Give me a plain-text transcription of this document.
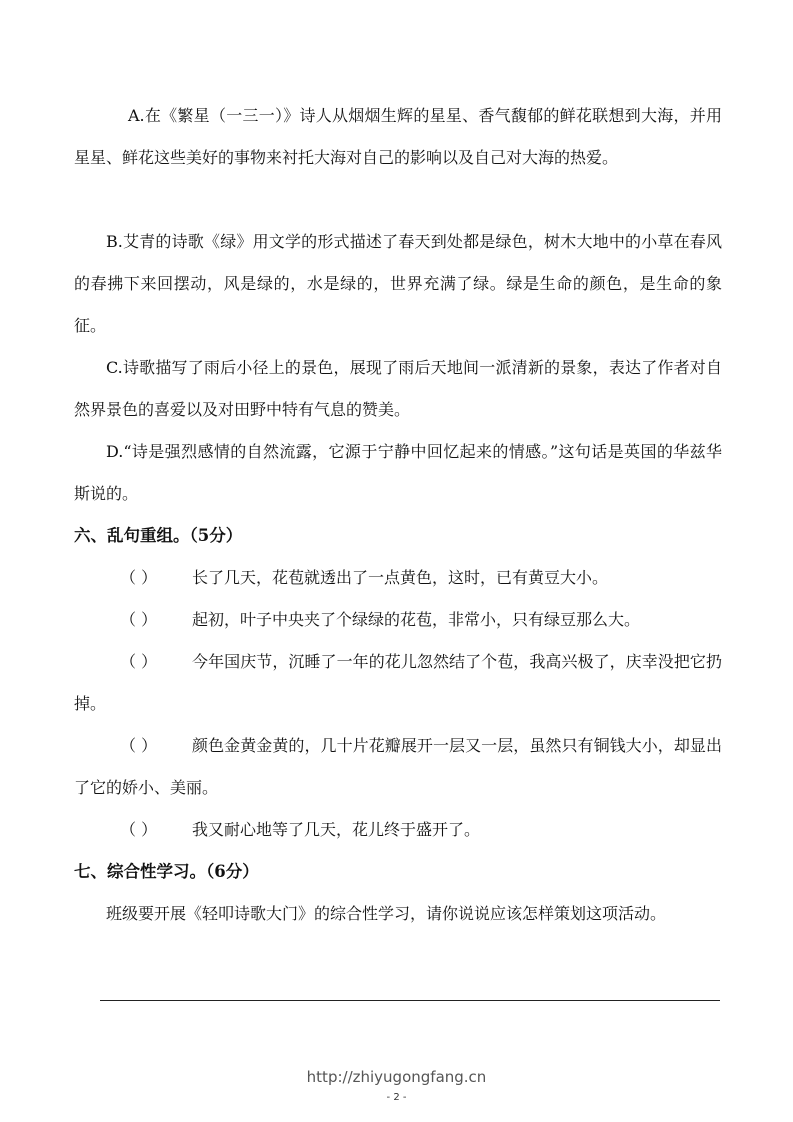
A.在《繁星（一三一）》诗人从烟烟生辉的星星、香气馥郁的鲜花联想到大海，并用星星、鲜花这些美好的事物来衬托大海对自己的影响以及自己对大海的热爱。

B.艾青的诗歌《绿》用文学的形式描述了春天到处都是绿色，树木大地中的小草在春风的春拂下来回摆动，风是绿的，水是绿的，世界充满了绿。绿是生命的颜色，是生命的象征。

C.诗歌描写了雨后小径上的景色，展现了雨后天地间一派清新的景象，表达了作者对自然界景色的喜爱以及对田野中特有气息的赞美。

D.“诗是强烈感情的自然流露，它源于宁静中回忆起来的情感。”这句话是英国的华兹华斯说的。

六、乱句重组。（5分）

（ ） 长了几天，花苞就透出了一点黄色，这时，已有黄豆大小。

（ ） 起初，叶子中央夹了个绿绿的花苞，非常小，只有绿豆那么大。

（ ） 今年国庆节，沉睡了一年的花儿忽然结了个苞，我高兴极了，庆幸没把它扔掉。

（ ） 颜色金黄金黄的，几十片花瓣展开一层又一层，虽然只有铜钱大小，却显出了它的娇小、美丽。

（ ） 我又耐心地等了几天，花儿终于盛开了。

七、综合性学习。（6分）

班级要开展《轻叩诗歌大门》的综合性学习，请你说说应该怎样策划这项活动。

http://zhiyugongfang.cn
- 2 -
